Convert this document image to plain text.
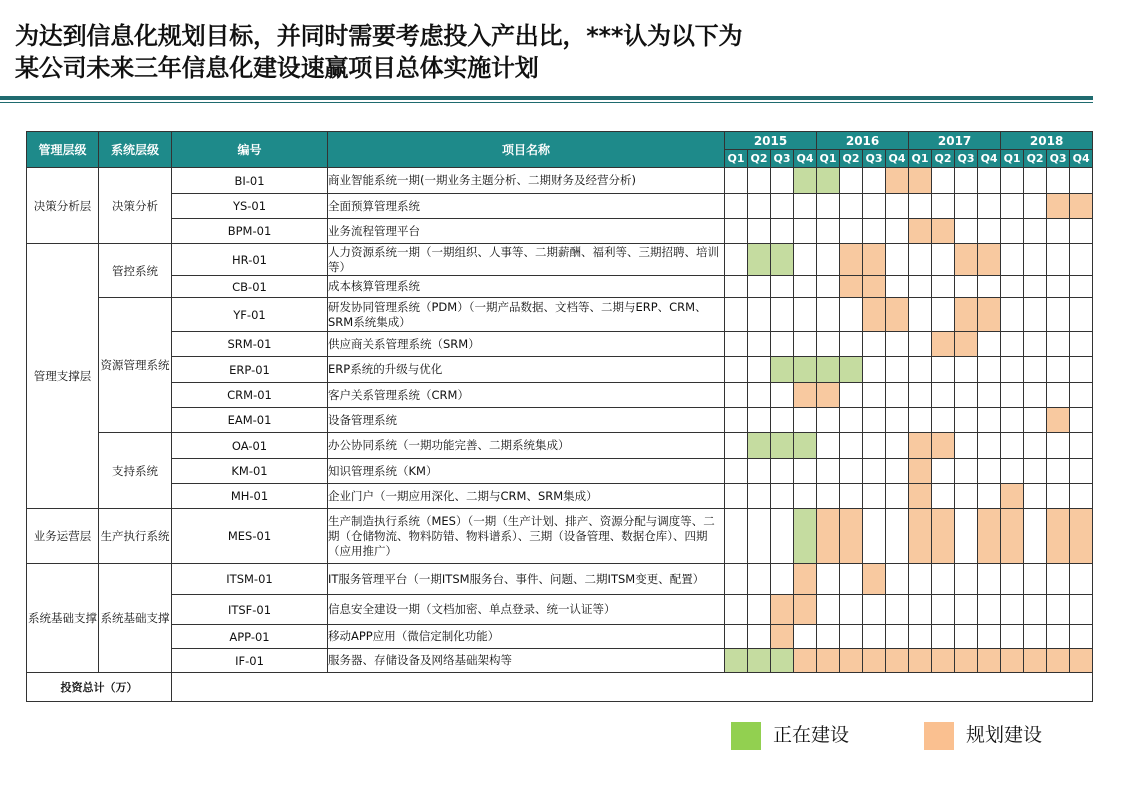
为达到信息化规划目标，并同时需要考虑投入产出比，***认为以下为
某公司未来三年信息化建设速赢项目总体实施计划
管理层级	系统层级	编号	项目名称	2015				2016				2017				2018			
				Q1	Q2	Q3	Q4	Q1	Q2	Q3	Q4	Q1	Q2	Q3	Q4	Q1	Q2	Q3	Q4
决策分析层	决策分析	BI-01	商业智能系统一期(一期业务主题分析、二期财务及经营分析)																
		YS-01	全面预算管理系统																
		BPM-01	业务流程管理平台																
管理支撑层	管控系统	HR-01	人力资源系统一期（一期组织、人事等、二期薪酬、福利等、三期招聘、培训等）																
		CB-01	成本核算管理系统																
	资源管理系统	YF-01	研发协同管理系统（PDM）（一期产品数据、文档等、二期与ERP、CRM、SRM系统集成）																
		SRM-01	供应商关系管理系统（SRM）																
		ERP-01	ERP系统的升级与优化																
		CRM-01	客户关系管理系统（CRM）																
		EAM-01	设备管理系统																
	支持系统	OA-01	办公协同系统（一期功能完善、二期系统集成）																
		KM-01	知识管理系统（KM）																
		MH-01	企业门户（一期应用深化、二期与CRM、SRM集成）																
业务运营层	生产执行系统	MES-01	生产制造执行系统（MES）（一期（生产计划、排产、资源分配与调度等、二期（仓储物流、物料防错、物料谱系）、三期（设备管理、数据仓库）、四期（应用推广）																
系统基础支撑	系统基础支撑	ITSM-01	IT服务管理平台（一期ITSM服务台、事件、问题、二期ITSM变更、配置）																
		ITSF-01	信息安全建设一期（文档加密、单点登录、统一认证等）																
		APP-01	移动APP应用（微信定制化功能）																
		IF-01	服务器、存储设备及网络基础架构等																
投资总计（万）																			
正在建设	规划建设
